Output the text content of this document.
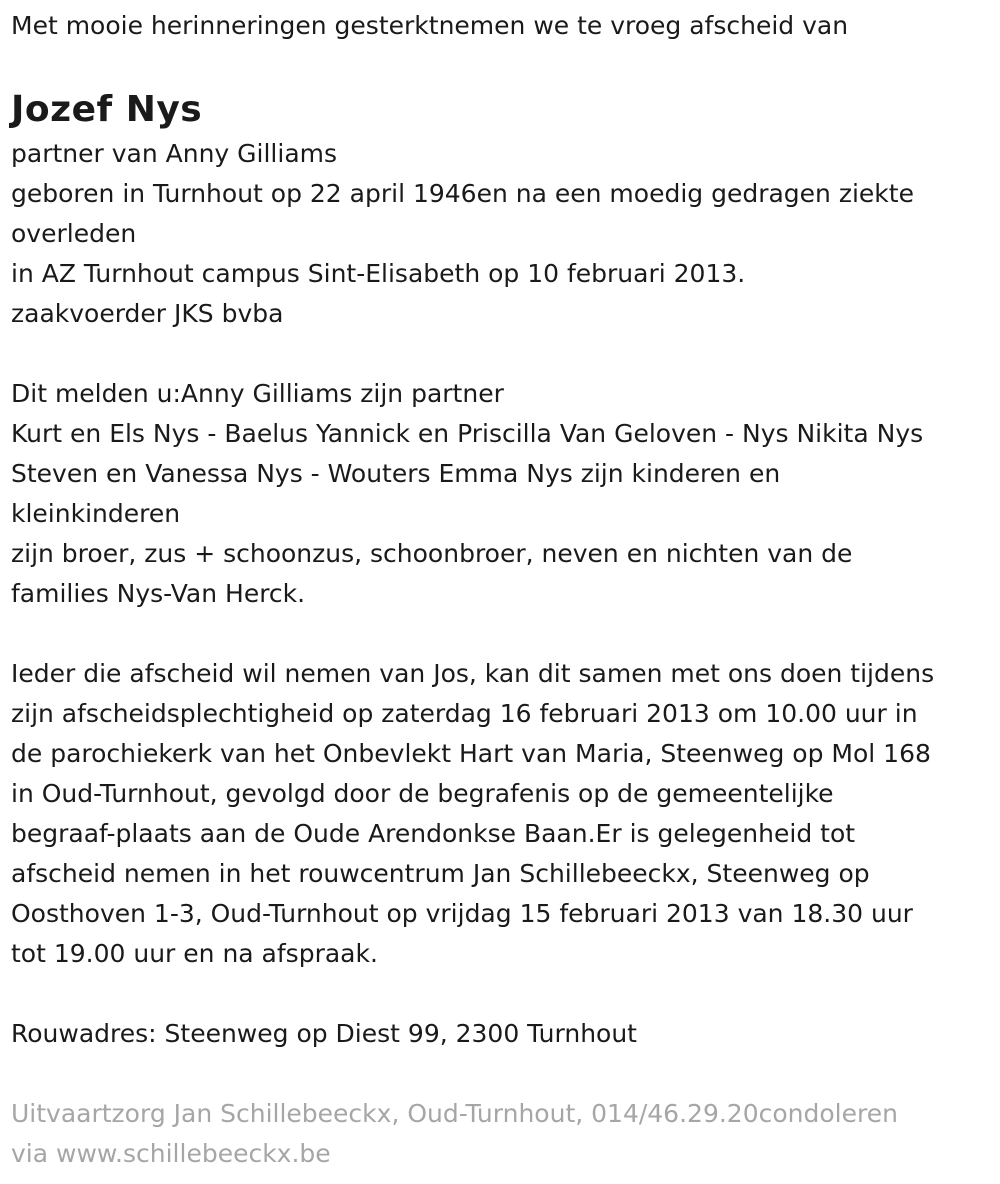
Met mooie herinneringen gesterktnemen we te vroeg afscheid van
Jozef Nys
partner van Anny Gilliams
geboren in Turnhout op 22 april 1946en na een moedig gedragen ziekte
overleden
in AZ Turnhout campus Sint-Elisabeth op 10 februari 2013.
zaakvoerder JKS bvba
Dit melden u:Anny Gilliams zijn partner
Kurt en Els Nys - Baelus Yannick en Priscilla Van Geloven - Nys Nikita Nys
Steven en Vanessa Nys - Wouters Emma Nys zijn kinderen en
kleinkinderen
zijn broer, zus + schoonzus, schoonbroer, neven en nichten van de
families Nys-Van Herck.
Ieder die afscheid wil nemen van Jos, kan dit samen met ons doen tijdens
zijn afscheidsplechtigheid op zaterdag 16 februari 2013 om 10.00 uur in
de parochiekerk van het Onbevlekt Hart van Maria, Steenweg op Mol 168
in Oud-Turnhout, gevolgd door de begrafenis op de gemeentelijke
begraaf-plaats aan de Oude Arendonkse Baan.Er is gelegenheid tot
afscheid nemen in het rouwcentrum Jan Schillebeeckx, Steenweg op
Oosthoven 1-3, Oud-Turnhout op vrijdag 15 februari 2013 van 18.30 uur
tot 19.00 uur en na afspraak.
Rouwadres: Steenweg op Diest 99, 2300 Turnhout
Uitvaartzorg Jan Schillebeeckx, Oud-Turnhout, 014/46.29.20condoleren
via www.schillebeeckx.be
